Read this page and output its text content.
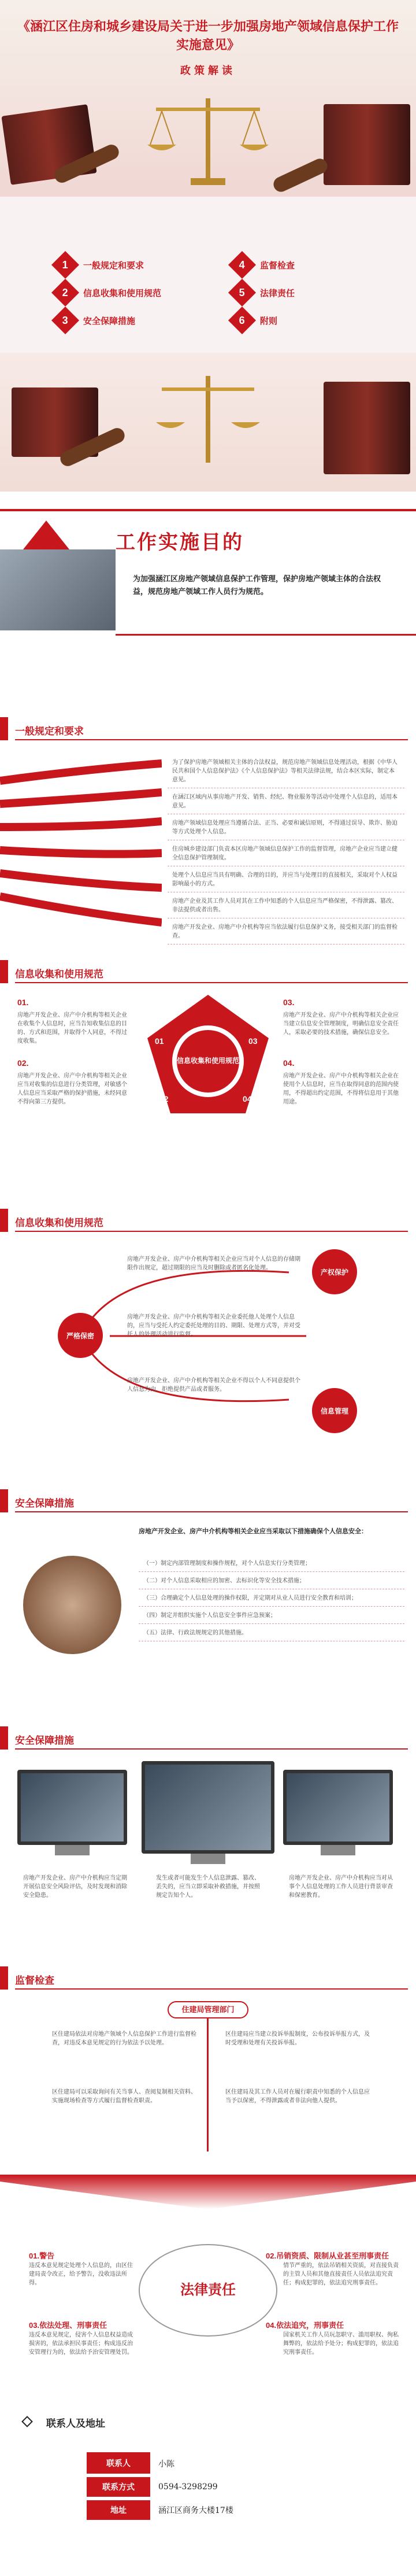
《涵江区住房和城乡建设局关于进一步加强房地产领域信息保护工作实施意见》
政策解读
1 一般规定和要求
2 信息收集和使用规范
3 安全保障措施
4 监督检查
5 法律责任
6 附则
工作实施目的
为加强涵江区房地产领域信息保护工作管理，保护房地产领域主体的合法权益，规范房地产领域工作人员行为规范。
一般规定和要求
为了保护房地产领域相关主体的合法权益，规范房地产领域信息处理活动，根据《中华人民共和国个人信息保护法》《个人信息保护法》等相关法律法规，结合本区实际，制定本意见。
在涵江区域内从事房地产开发、销售、经纪、物业服务等活动中处理个人信息的，适用本意见。
房地产领域信息处理应当遵循合法、正当、必要和诚信原则，不得通过误导、欺诈、胁迫等方式处理个人信息。
住房城乡建设部门负责本区房地产领域信息保护工作的监督管理，房地产企业应当建立健全信息保护管理制度。
处理个人信息应当具有明确、合理的目的，并应当与处理目的直接相关，采取对个人权益影响最小的方式。
房地产企业及其工作人员对其在工作中知悉的个人信息应当严格保密，不得泄露、篡改、非法提供或者出售。
房地产开发企业、房地产中介机构等应当依法履行信息保护义务，接受相关部门的监督检查。
信息收集和使用规范
01.
房地产开发企业、房产中介机构等相关企业在收集个人信息时，应当告知收集信息的目的、方式和范围，并取得个人同意，不得过度收集。
02.
房地产开发企业、房产中介机构等相关企业应当对收集的信息进行分类管理，对敏感个人信息应当采取严格的保护措施，未经同意不得向第三方提供。
03.
房地产开发企业、房产中介机构等相关企业应当建立信息安全管理制度，明确信息安全责任人，采取必要的技术措施，确保信息安全。
04.
房地产开发企业、房产中介机构等相关企业在使用个人信息时，应当在取得同意的范围内使用，不得超出约定范围，不得将信息用于其他用途。
01
02
03
04
信息收集和使用规范
信息收集和使用规范
严格保密
产权保护
信息管理
房地产开发企业、房产中介机构等相关企业应当对个人信息的存储期限作出规定，超过期限的应当及时删除或者匿名化处理。
房地产开发企业、房产中介机构等相关企业委托他人处理个人信息的，应当与受托人约定委托处理的目的、期限、处理方式等，并对受托人的处理活动进行监督。
房地产开发企业、房产中介机构等相关企业不得以个人不同意提供个人信息为由，拒绝提供产品或者服务。
安全保障措施
房地产开发企业、房产中介机构等相关企业应当采取以下措施确保个人信息安全：
（一）制定内部管理制度和操作规程，对个人信息实行分类管理；
（二）对个人信息采取相应的加密、去标识化等安全技术措施；
（三）合理确定个人信息处理的操作权限，并定期对从业人员进行安全教育和培训；
（四）制定并组织实施个人信息安全事件应急预案；
（五）法律、行政法规规定的其他措施。
安全保障措施
房地产开发企业、房产中介机构应当定期开展信息安全风险评估，及时发现和消除安全隐患。
发生或者可能发生个人信息泄露、篡改、丢失的，应当立即采取补救措施，并按照规定告知个人。
房地产开发企业、房产中介机构应当对从事个人信息处理的工作人员进行背景审查和保密教育。
监督检查
住建局管理部门
区住建局依法对房地产领域个人信息保护工作进行监督检查，对违反本意见规定的行为依法予以处理。
区住建局可以采取询问有关当事人、查阅复制相关资料、实施现场检查等方式履行监督检查职责。
区住建局应当建立投诉举报制度，公布投诉举报方式，及时受理和处理有关投诉举报。
区住建局及其工作人员对在履行职责中知悉的个人信息应当予以保密，不得泄露或者非法向他人提供。
法律责任
01.警告
违反本意见规定处理个人信息的，由区住建局责令改正，给予警告，没收违法所得。
02.吊销资质、限制从业甚至刑事责任
情节严重的，依法吊销相关资质，对直接负责的主管人员和其他直接责任人员依法追究责任；构成犯罪的，依法追究刑事责任。
03.依法处理、刑事责任
违反本意见规定，侵害个人信息权益造成损害的，依法承担民事责任；构成违反治安管理行为的，依法给予治安管理处罚。
04.依法追究，刑事责任
国家机关工作人员玩忽职守、滥用职权、徇私舞弊的，依法给予处分；构成犯罪的，依法追究刑事责任。
联系人及地址
联系人	小陈
联系方式	0594-3298299
地址	涵江区商务大楼17楼
